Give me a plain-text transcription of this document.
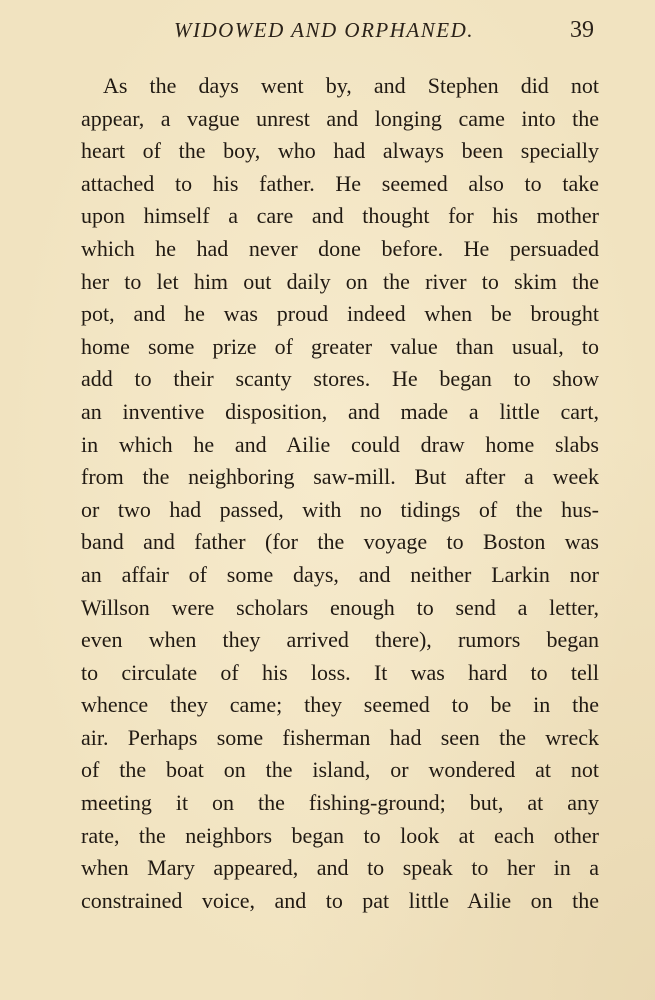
WIDOWED AND ORPHANED.	39
As the days went by, and Stephen did not
appear, a vague unrest and longing came into the
heart of the boy, who had always been specially
attached to his father. He seemed also to take
upon himself a care and thought for his mother
which he had never done before. He persuaded
her to let him out daily on the river to skim the
pot, and he was proud indeed when be brought
home some prize of greater value than usual, to
add to their scanty stores. He began to show
an inventive disposition, and made a little cart,
in which he and Ailie could draw home slabs
from the neighboring saw-mill. But after a week
or two had passed, with no tidings of the hus-
band and father (for the voyage to Boston was
an affair of some days, and neither Larkin nor
Willson were scholars enough to send a letter,
even when they arrived there), rumors began
to circulate of his loss. It was hard to tell
whence they came; they seemed to be in the
air. Perhaps some fisherman had seen the wreck
of the boat on the island, or wondered at not
meeting it on the fishing-ground; but, at any
rate, the neighbors began to look at each other
when Mary appeared, and to speak to her in a
constrained voice, and to pat little Ailie on the
